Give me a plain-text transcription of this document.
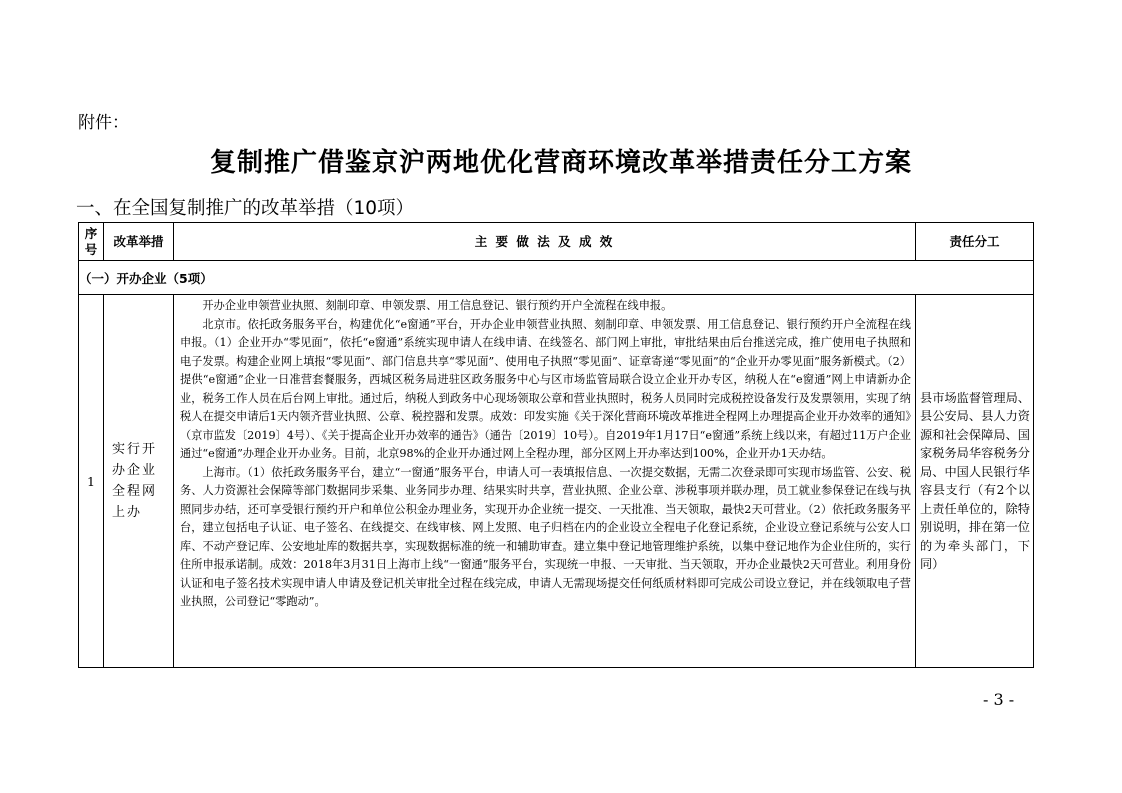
附件：
复制推广借鉴京沪两地优化营商环境改革举措责任分工方案
一、在全国复制推广的改革举措（10项）
序号	改革举措	主 要 做 法 及 成 效	责任分工
（一）开办企业（5项）			
1	实行开办企业全程网上办	开办企业申领营业执照、刻制印章、申领发票、用工信息登记、银行预约开户全流程在线申报。

北京市。依托政务服务平台，构建优化“e窗通”平台，开办企业申领营业执照、刻制印章、申领发票、用工信息登记、银行预约开户全流程在线申报。（1）企业开办“零见面”，依托“e窗通”系统实现申请人在线申请、在线签名、部门网上审批，审批结果由后台推送完成，推广使用电子执照和电子发票。构建企业网上填报“零见面”、部门信息共享“零见面”、使用电子执照“零见面”、证章寄递“零见面”的“企业开办零见面”服务新模式。（2）提供“e窗通”企业一日准营套餐服务，西城区税务局进驻区政务服务中心与区市场监管局联合设立企业开办专区，纳税人在“e窗通”网上申请新办企业，税务工作人员在后台网上审批。通过后，纳税人到政务中心现场领取公章和营业执照时，税务人员同时完成税控设备发行及发票领用，实现了纳税人在提交申请后1天内领齐营业执照、公章、税控器和发票。成效：印发实施《关于深化营商环境改革推进全程网上办理提高企业开办效率的通知》（京市监发〔2019〕4号）、《关于提高企业开办效率的通告》（通告〔2019〕10号）。自2019年1月17日“e窗通”系统上线以来，有超过11万户企业通过“e窗通”办理企业开办业务。目前，北京98%的企业开办通过网上全程办理，部分区网上开办率达到100%，企业开办1天办结。

上海市。（1）依托政务服务平台，建立“一窗通”服务平台，申请人可一表填报信息、一次提交数据，无需二次登录即可实现市场监管、公安、税务、人力资源社会保障等部门数据同步采集、业务同步办理、结果实时共享，营业执照、企业公章、涉税事项并联办理，员工就业参保登记在线与执照同步办结，还可享受银行预约开户和单位公积金办理业务，实现开办企业统一提交、一天批准、当天领取，最快2天可营业。（2）依托政务服务平台，建立包括电子认证、电子签名、在线提交、在线审核、网上发照、电子归档在内的企业设立全程电子化登记系统，企业设立登记系统与公安人口库、不动产登记库、公安地址库的数据共享，实现数据标准的统一和辅助审查。建立集中登记地管理维护系统，以集中登记地作为企业住所的，实行住所申报承诺制。成效：2018年3月31日上海市上线“一窗通”服务平台，实现统一申报、一天审批、当天领取，开办企业最快2天可营业。利用身份认证和电子签名技术实现申请人申请及登记机关审批全过程在线完成，申请人无需现场提交任何纸质材料即可完成公司设立登记，并在线领取电子营业执照，公司登记“零跑动”。	县市场监督管理局、县公安局、县人力资源和社会保障局、国家税务局华容税务分局、中国人民银行华容县支行（有2个以上责任单位的，除特别说明，排在第一位的为牵头部门，下同）
- 3 -
